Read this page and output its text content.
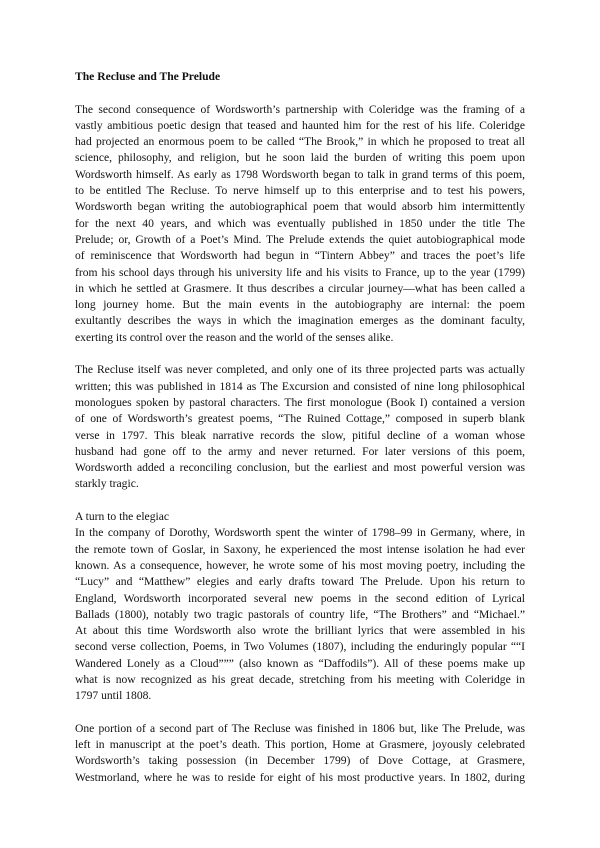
The Recluse and The Prelude
The second consequence of Wordsworth’s partnership with Coleridge was the framing of a
vastly ambitious poetic design that teased and haunted him for the rest of his life. Coleridge
had projected an enormous poem to be called “The Brook,” in which he proposed to treat all
science, philosophy, and religion, but he soon laid the burden of writing this poem upon
Wordsworth himself. As early as 1798 Wordsworth began to talk in grand terms of this poem,
to be entitled The Recluse. To nerve himself up to this enterprise and to test his powers,
Wordsworth began writing the autobiographical poem that would absorb him intermittently
for the next 40 years, and which was eventually published in 1850 under the title The
Prelude; or, Growth of a Poet’s Mind. The Prelude extends the quiet autobiographical mode
of reminiscence that Wordsworth had begun in “Tintern Abbey” and traces the poet’s life
from his school days through his university life and his visits to France, up to the year (1799)
in which he settled at Grasmere. It thus describes a circular journey—what has been called a
long journey home. But the main events in the autobiography are internal: the poem
exultantly describes the ways in which the imagination emerges as the dominant faculty,
exerting its control over the reason and the world of the senses alike.
The Recluse itself was never completed, and only one of its three projected parts was actually
written; this was published in 1814 as The Excursion and consisted of nine long philosophical
monologues spoken by pastoral characters. The first monologue (Book I) contained a version
of one of Wordsworth’s greatest poems, “The Ruined Cottage,” composed in superb blank
verse in 1797. This bleak narrative records the slow, pitiful decline of a woman whose
husband had gone off to the army and never returned. For later versions of this poem,
Wordsworth added a reconciling conclusion, but the earliest and most powerful version was
starkly tragic.
A turn to the elegiac
In the company of Dorothy, Wordsworth spent the winter of 1798–99 in Germany, where, in
the remote town of Goslar, in Saxony, he experienced the most intense isolation he had ever
known. As a consequence, however, he wrote some of his most moving poetry, including the
“Lucy” and “Matthew” elegies and early drafts toward The Prelude. Upon his return to
England, Wordsworth incorporated several new poems in the second edition of Lyrical
Ballads (1800), notably two tragic pastorals of country life, “The Brothers” and “Michael.”
At about this time Wordsworth also wrote the brilliant lyrics that were assembled in his
second verse collection, Poems, in Two Volumes (1807), including the enduringly popular ““I
Wandered Lonely as a Cloud””” (also known as “Daffodils”). All of these poems make up
what is now recognized as his great decade, stretching from his meeting with Coleridge in
1797 until 1808.
One portion of a second part of The Recluse was finished in 1806 but, like The Prelude, was
left in manuscript at the poet’s death. This portion, Home at Grasmere, joyously celebrated
Wordsworth’s taking possession (in December 1799) of Dove Cottage, at Grasmere,
Westmorland, where he was to reside for eight of his most productive years. In 1802, during
